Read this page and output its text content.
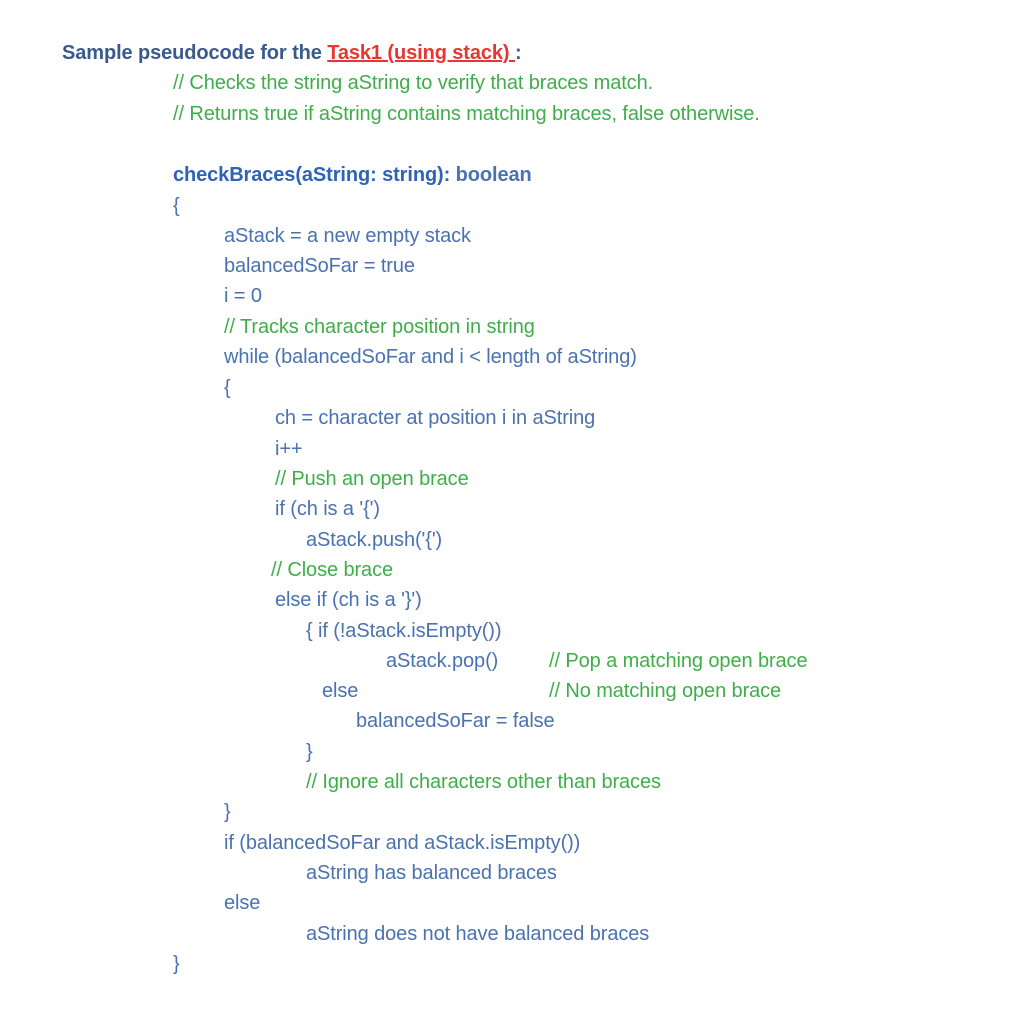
Sample pseudocode for the Task1 (using stack) :
// Checks the string aString to verify that braces match.
// Returns true if aString contains matching braces, false otherwise.
checkBraces(aString: string): boolean
{
aStack = a new empty stack
balancedSoFar = true
i = 0
// Tracks character position in string
while (balancedSoFar and i < length of aString)
{
ch = character at position i in aString
i++
// Push an open brace
if (ch is a '{')
aStack.push('{')
// Close brace
else if (ch is a '}')
{ if (!aStack.isEmpty())
aStack.pop()	// Pop a matching open brace
else	// No matching open brace
balancedSoFar = false
}
// Ignore all characters other than braces
}
if (balancedSoFar and aStack.isEmpty())
aString has balanced braces
else
aString does not have balanced braces
}
